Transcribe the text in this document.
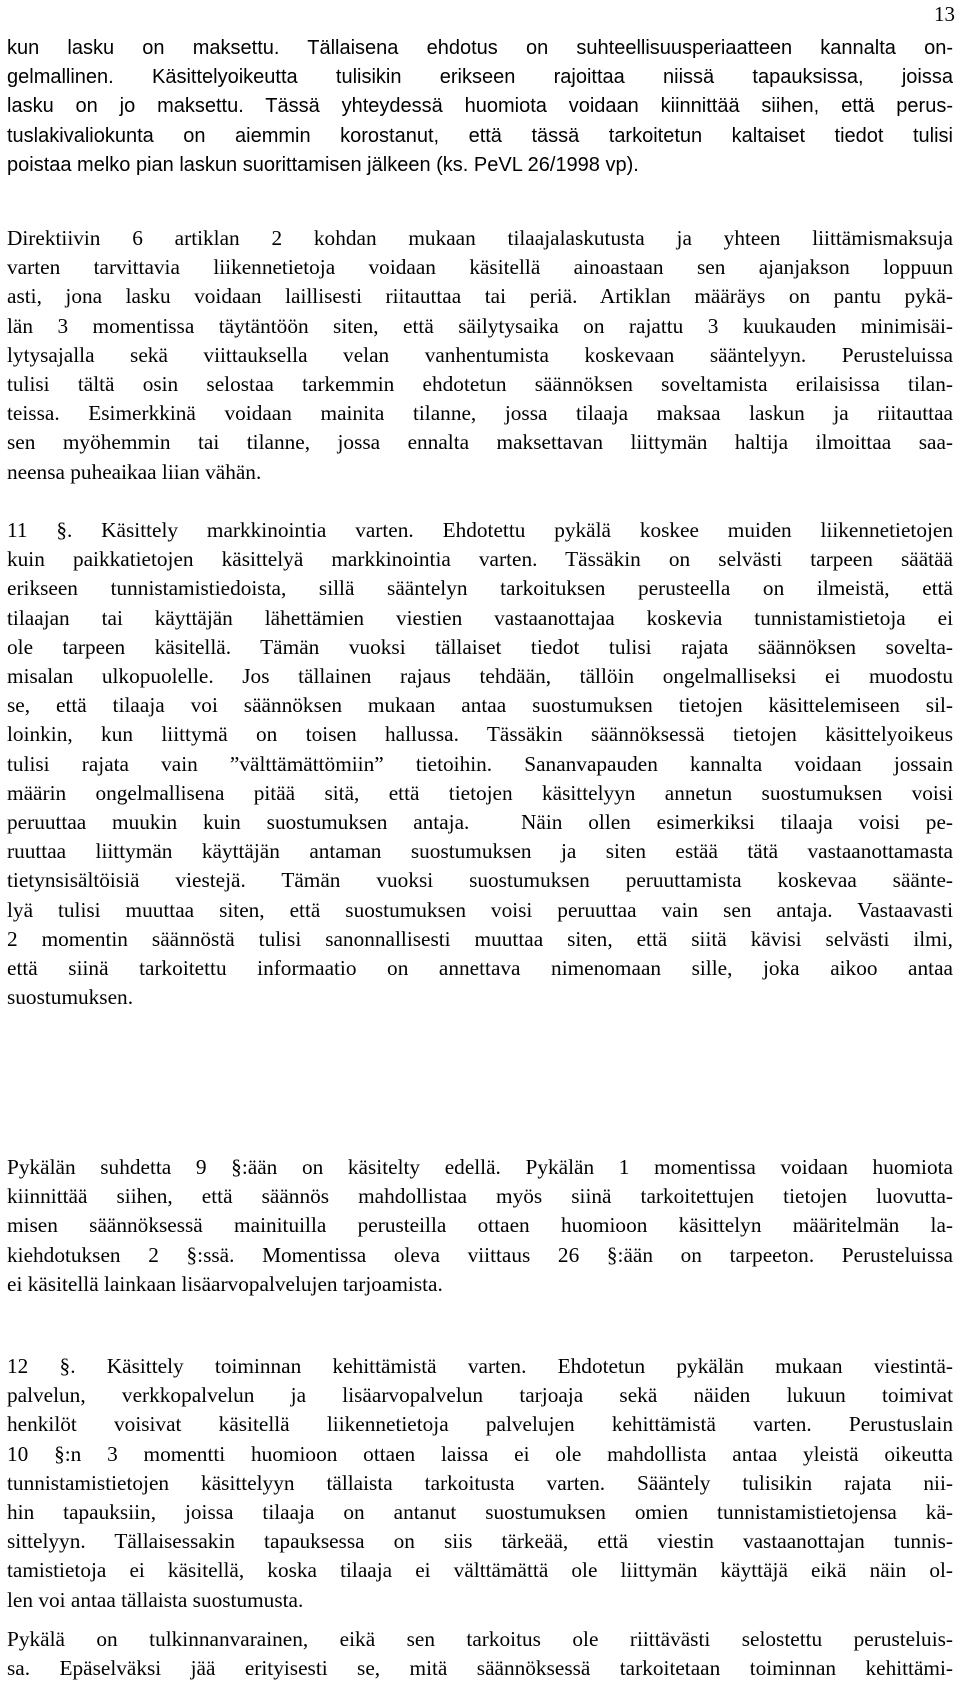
13
kun lasku on maksettu. Tällaisena ehdotus on suhteellisuusperiaatteen kannalta on-
gelmallinen. Käsittelyoikeutta tulisikin erikseen rajoittaa niissä tapauksissa, joissa
lasku on jo maksettu. Tässä yhteydessä huomiota voidaan kiinnittää siihen, että perus-
tuslakivaliokunta on aiemmin korostanut, että tässä tarkoitetun kaltaiset tiedot tulisi
poistaa melko pian laskun suorittamisen jälkeen (ks. PeVL 26/1998 vp).
Direktiivin 6 artiklan 2 kohdan mukaan tilaajalaskutusta ja yhteen liittämismaksuja
varten tarvittavia liikennetietoja voidaan käsitellä ainoastaan sen ajanjakson loppuun
asti, jona lasku voidaan laillisesti riitauttaa tai periä. Artiklan määräys on pantu pykä-
län 3 momentissa täytäntöön siten, että säilytysaika on rajattu 3 kuukauden minimisäi-
lytysajalla sekä viittauksella velan vanhentumista koskevaan sääntelyyn. Perusteluissa
tulisi tältä osin selostaa tarkemmin ehdotetun säännöksen soveltamista erilaisissa tilan-
teissa. Esimerkkinä voidaan mainita tilanne, jossa tilaaja maksaa laskun ja riitauttaa
sen myöhemmin tai tilanne, jossa ennalta maksettavan liittymän haltija ilmoittaa saa-
neensa puheaikaa liian vähän.
11 §. Käsittely markkinointia varten. Ehdotettu pykälä koskee muiden liikennetietojen
kuin paikkatietojen käsittelyä markkinointia varten. Tässäkin on selvästi tarpeen säätää
erikseen tunnistamistiedoista, sillä sääntelyn tarkoituksen perusteella on ilmeistä, että
tilaajan tai käyttäjän lähettämien viestien vastaanottajaa koskevia tunnistamistietoja ei
ole tarpeen käsitellä. Tämän vuoksi tällaiset tiedot tulisi rajata säännöksen sovelta-
misalan ulkopuolelle. Jos tällainen rajaus tehdään, tällöin ongelmalliseksi ei muodostu
se, että tilaaja voi säännöksen mukaan antaa suostumuksen tietojen käsittelemiseen sil-
loinkin, kun liittymä on toisen hallussa. Tässäkin säännöksessä tietojen käsittelyoikeus
tulisi rajata vain ”välttämättömiin” tietoihin. Sananvapauden kannalta voidaan jossain
määrin ongelmallisena pitää sitä, että tietojen käsittelyyn annetun suostumuksen voisi
peruuttaa muukin kuin suostumuksen antaja.  Näin ollen esimerkiksi tilaaja voisi pe-
ruuttaa liittymän käyttäjän antaman suostumuksen ja siten estää tätä vastaanottamasta
tietynsisältöisiä viestejä. Tämän vuoksi suostumuksen peruuttamista koskevaa sääntе-
lyä tulisi muuttaa siten, että suostumuksen voisi peruuttaa vain sen antaja. Vastaavasti
2 momentin säännöstä tulisi sanonnallisesti muuttaa siten, että siitä kävisi selvästi ilmi,
että siinä tarkoitettu informaatio on annettava nimenomaan sille, joka aikoo antaa
suostumuksen.
Pykälän suhdetta 9 §:ään on käsitelty edellä. Pykälän 1 momentissa voidaan huomiota
kiinnittää siihen, että säännös mahdollistaa myös siinä tarkoitettujen tietojen luovutta-
misen säännöksessä mainituilla perusteilla ottaen huomioon käsittelyn määritelmän la-
kiehdotuksen 2 §:ssä. Momentissa oleva viittaus 26 §:ään on tarpeeton. Perusteluissa
ei käsitellä lainkaan lisäarvopalvelujen tarjoamista.
12 §. Käsittely toiminnan kehittämistä varten. Ehdotetun pykälän mukaan viestintä-
palvelun, verkkopalvelun ja lisäarvopalvelun tarjoaja sekä näiden lukuun toimivat
henkilöt voisivat käsitellä liikennetietoja palvelujen kehittämistä varten. Perustuslain
10 §:n 3 momentti huomioon ottaen laissa ei ole mahdollista antaa yleistä oikeutta
tunnistamistietojen käsittelyyn tällaista tarkoitusta varten. Sääntely tulisikin rajata nii-
hin tapauksiin, joissa tilaaja on antanut suostumuksen omien tunnistamistietojensa kä-
sittelyyn. Tällaisessakin tapauksessa on siis tärkeää, että viestin vastaanottajan tunnis-
tamistietoja ei käsitellä, koska tilaaja ei välttämättä ole liittymän käyttäjä eikä näin ol-
len voi antaa tällaista suostumusta.
Pykälä on tulkinnanvarainen, eikä sen tarkoitus ole riittävästi selostettu perusteluis-
sa. Epäselväksi jää erityisesti se, mitä säännöksessä tarkoitetaan toiminnan kehittämi-
